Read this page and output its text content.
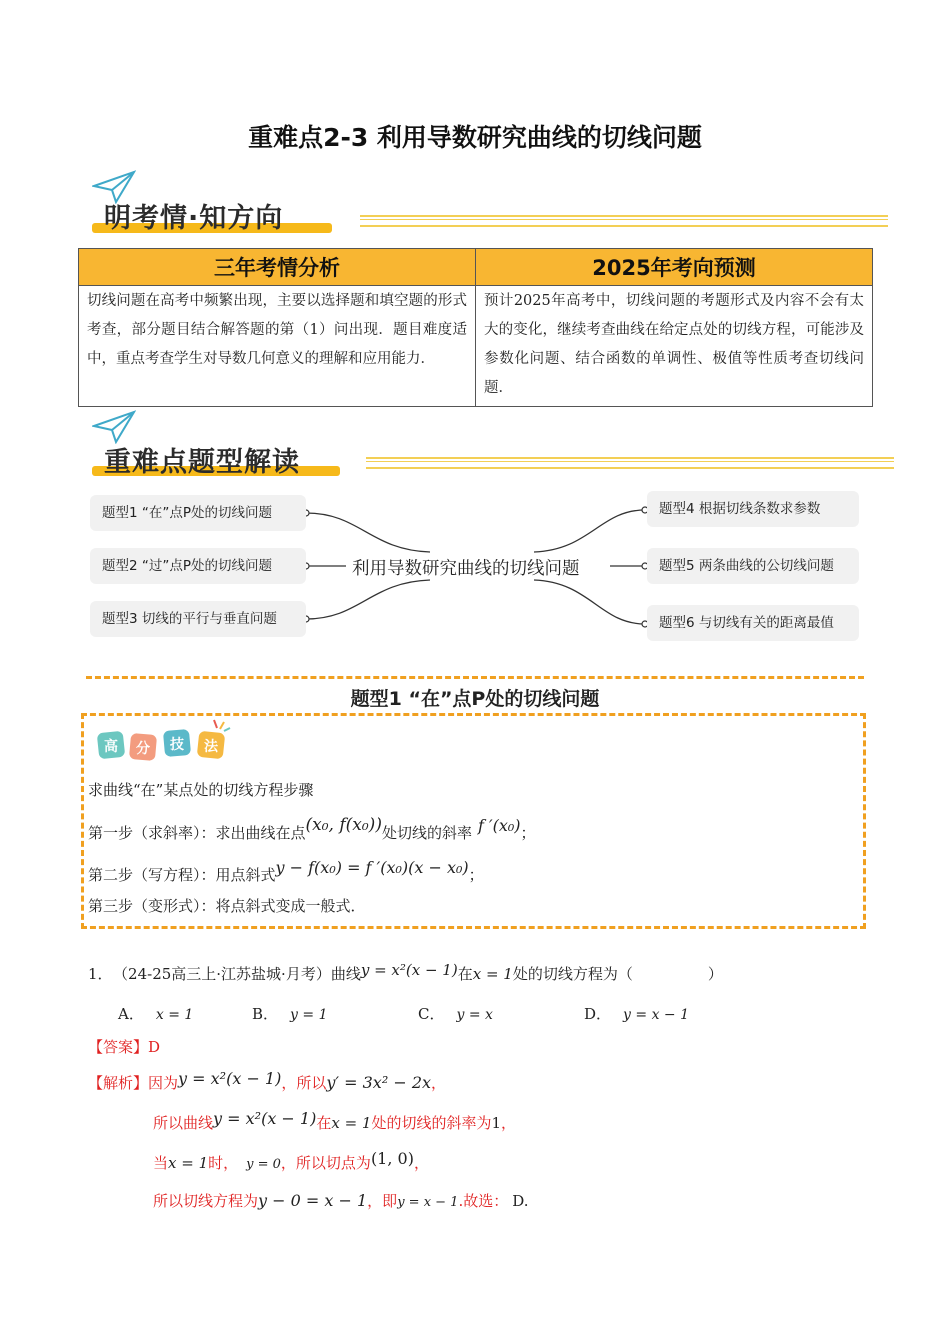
重难点2-3 利用导数研究曲线的切线问题
明考情·知方向
三年考情分析	2025年考向预测
切线问题在高考中频繁出现，主要以选择题和填空题的形式考查，部分题目结合解答题的第（1）问出现．题目难度适中，重点考查学生对导数几何意义的理解和应用能力．	预计2025年高考中，切线问题的考题形式及内容不会有太大的变化，继续考查曲线在给定点处的切线方程，可能涉及参数化问题、结合函数的单调性、极值等性质考查切线问题．
重难点题型解读
题型1 “在”点P处的切线问题
题型2 “过”点P处的切线问题
题型3 切线的平行与垂直问题
利用导数研究曲线的切线问题
题型4 根据切线条数求参数
题型5 两条曲线的公切线问题
题型6 与切线有关的距离最值
题型1 “在”点P处的切线问题
高 分 技 法
求曲线“在”某点处的切线方程步骤
第一步（求斜率）：求出曲线在点(x₀, f(x₀))处切线的斜率 f ′(x₀)；
第二步（写方程）：用点斜式y − f(x₀) = f ′(x₀)(x − x₀)；
第三步（变形式）：将点斜式变成一般式．
1． （24-25高三上·江苏盐城·月考）曲线y = x²(x − 1)在x = 1处的切线方程为（　　　　　）
A． x = 1	B． y = 1	C． y = x	D． y = x − 1
【答案】D
【解析】因为y = x²(x − 1)，所以y′ = 3x² − 2x，
所以曲线y = x²(x − 1)在x = 1处的切线的斜率为1，
当x = 1时， y = 0，所以切点为(1, 0)，
所以切线方程为y − 0 = x − 1，即y = x − 1.故选： D.
